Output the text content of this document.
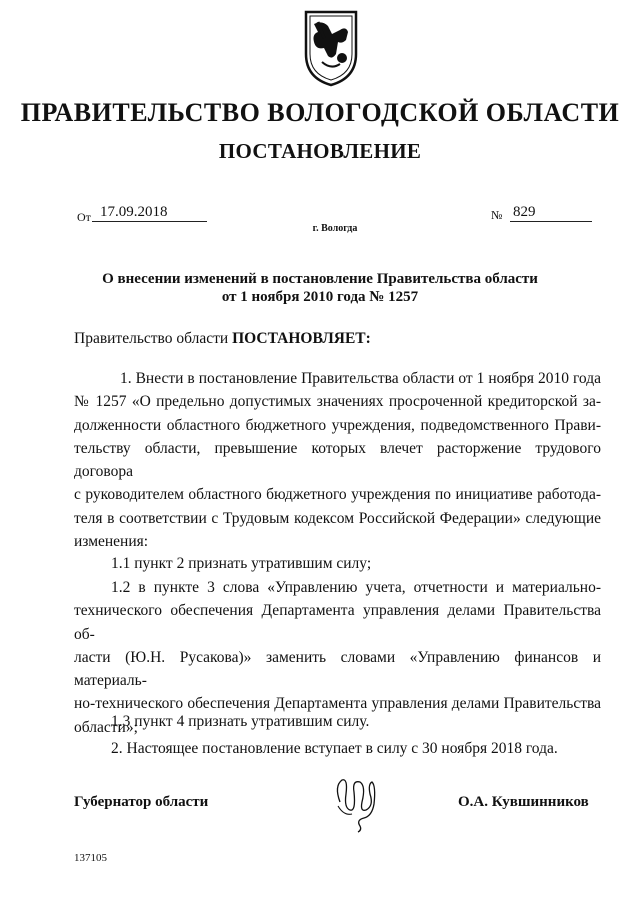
ПРАВИТЕЛЬСТВО ВОЛОГОДСКОЙ ОБЛАСТИ
ПОСТАНОВЛЕНИЕ
От 17.09.2018	№ 829
г. Вологда
О внесении изменений в постановление Правительства области
от 1 ноября 2010 года № 1257
Правительство области ПОСТАНОВЛЯЕТ:
1. Внести в постановление Правительства области от 1 ноября 2010 года
№ 1257 «О предельно допустимых значениях просроченной кредиторской за-
долженности областного бюджетного учреждения, подведомственного Прави-
тельству области, превышение которых влечет расторжение трудового договора
с руководителем областного бюджетного учреждения по инициативе работода-
теля в соответствии с Трудовым кодексом Российской Федерации» следующие
изменения:
1.1 пункт 2 признать утратившим силу;
1.2 в пункте 3 слова «Управлению учета, отчетности и материально-
технического обеспечения Департамента управления делами Правительства об-
ласти (Ю.Н. Русакова)» заменить словами «Управлению финансов и материаль-
но-технического обеспечения Департамента управления делами Правительства
области»;
1.3 пункт 4 признать утратившим силу.
2. Настоящее постановление вступает в силу с 30 ноября 2018 года.
Губернатор области	О.А. Кувшинников
137105
